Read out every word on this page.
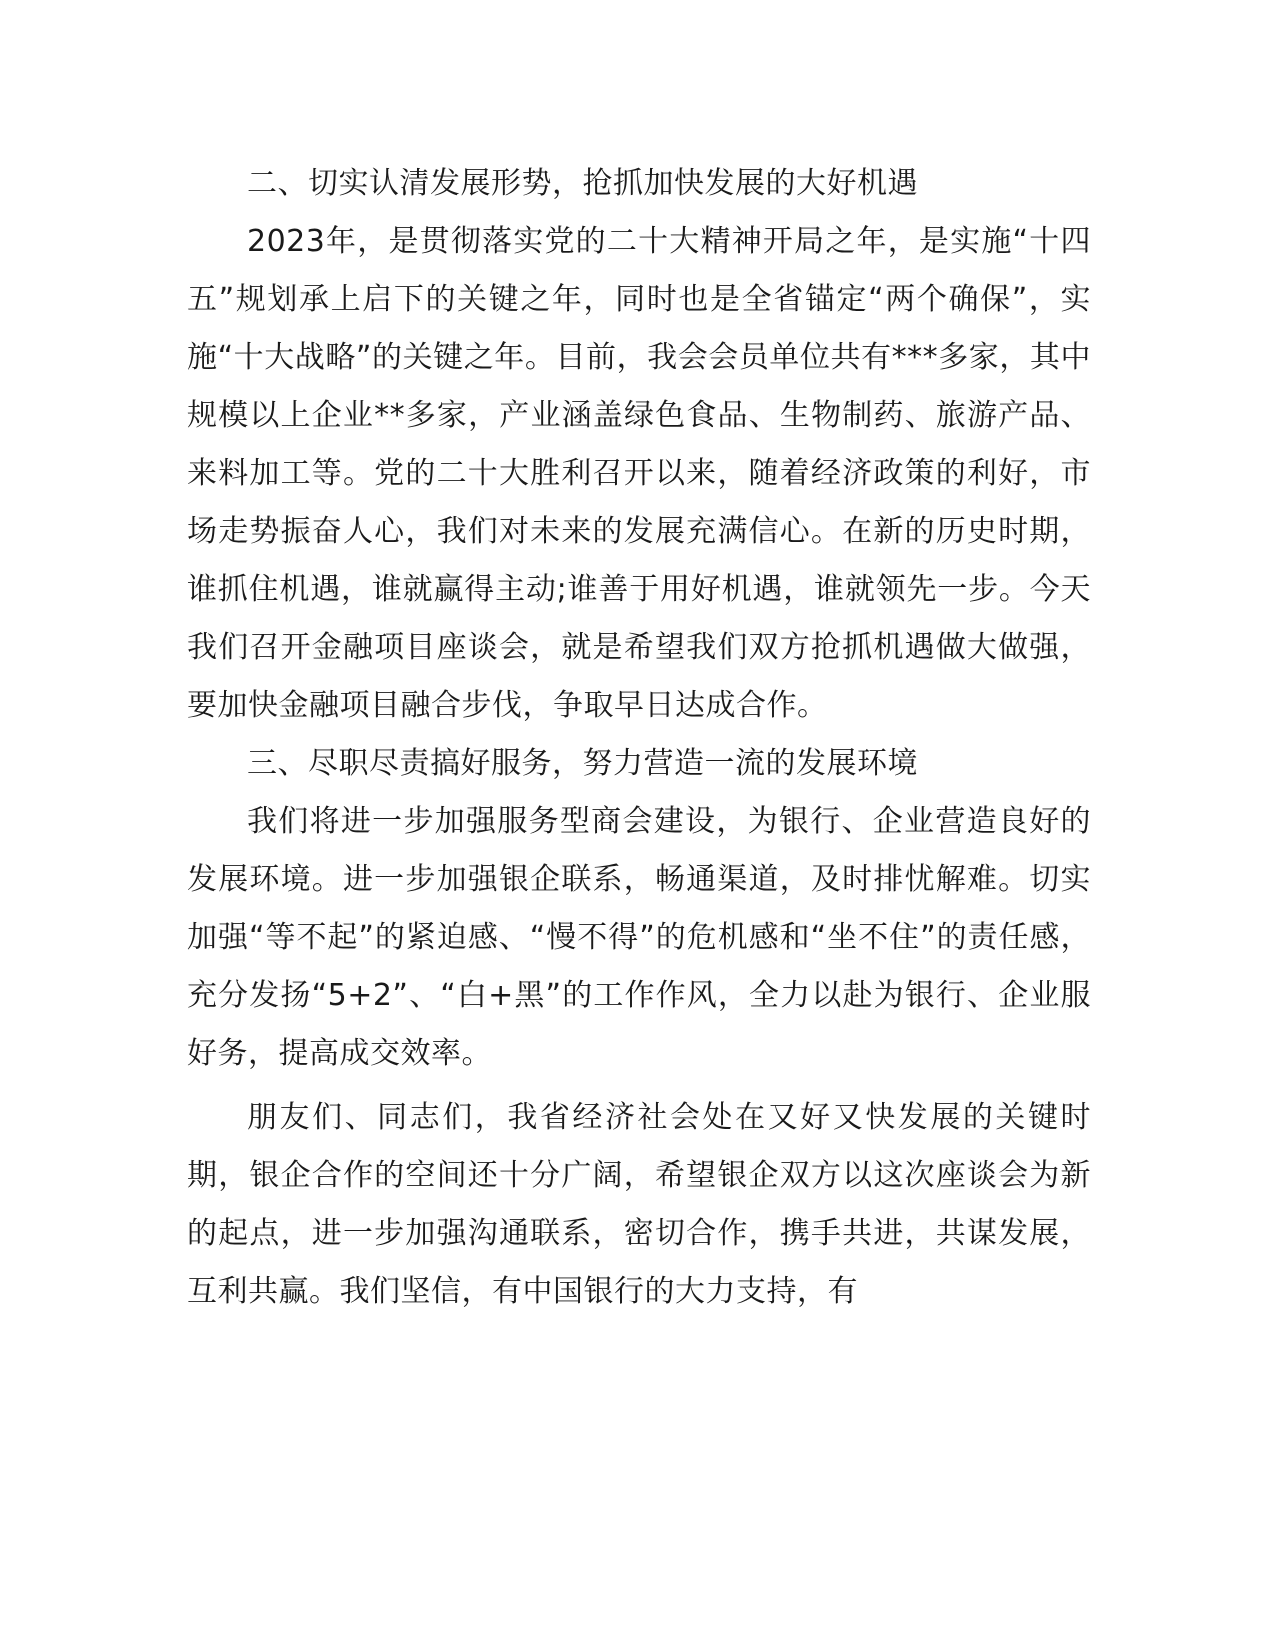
二、切实认清发展形势，抢抓加快发展的大好机遇

2023年，是贯彻落实党的二十大精神开局之年，是实施“十四五”规划承上启下的关键之年，同时也是全省锚定“两个确保”，实施“十大战略”的关键之年。目前，我会会员单位共有***多家，其中规模以上企业**多家，产业涵盖绿色食品、生物制药、旅游产品、来料加工等。党的二十大胜利召开以来，随着经济政策的利好，市场走势振奋人心，我们对未来的发展充满信心。在新的历史时期，谁抓住机遇，谁就赢得主动;谁善于用好机遇，谁就领先一步。今天我们召开金融项目座谈会，就是希望我们双方抢抓机遇做大做强，要加快金融项目融合步伐，争取早日达成合作。

三、尽职尽责搞好服务，努力营造一流的发展环境

我们将进一步加强服务型商会建设，为银行、企业营造良好的发展环境。进一步加强银企联系，畅通渠道，及时排忧解难。切实加强“等不起”的紧迫感、“慢不得”的危机感和“坐不住”的责任感，充分发扬“5+2”、“白+黑”的工作作风，全力以赴为银行、企业服好务，提高成交效率。

朋友们、同志们，我省经济社会处在又好又快发展的关键时期，银企合作的空间还十分广阔，希望银企双方以这次座谈会为新的起点，进一步加强沟通联系，密切合作，携手共进，共谋发展，互利共赢。我们坚信，有中国银行的大力支持，有
